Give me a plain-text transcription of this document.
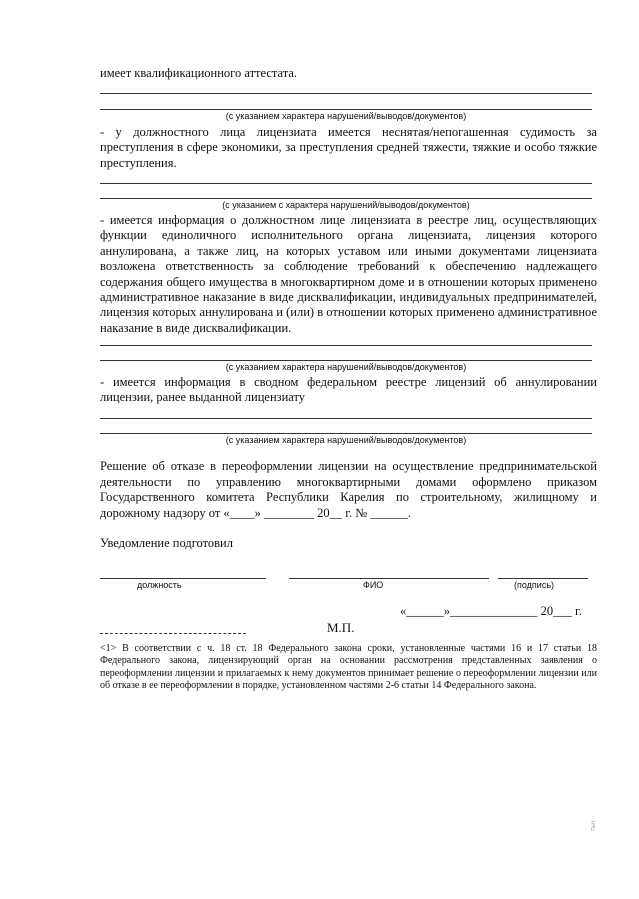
имеет квалификационного аттестата.

(с указанием характера нарушений/выводов/документов)

- у должностного лица лицензиата имеется неснятая/непогашенная судимость за преступления в сфере экономики, за преступления средней тяжести, тяжкие и особо тяжкие преступления.

(с указанием с характера нарушений/выводов/документов)

- имеется информация о должностном лице лицензиата в реестре лиц, осуществляющих функции единоличного исполнительного органа лицензиата, лицензия которого аннулирована, а также лиц, на которых уставом или иными документами лицензиата возложена ответственность за соблюдение требований к обеспечению надлежащего содержания общего имущества в многоквартирном доме и в отношении которых применено административное наказание в виде дисквалификации, индивидуальных предпринимателей, лицензия которых аннулирована и (или) в отношении которых применено административное наказание в виде дисквалификации.

(с указанием характера нарушений/выводов/документов)

- имеется информация в сводном федеральном реестре лицензий об аннулировании лицензии, ранее выданной лицензиату

(с указанием характера нарушений/выводов/документов)

Решение об отказе в переоформлении лицензии на осуществление предпринимательской деятельности по управлению многоквартирными домами оформлено приказом Государственного комитета Республики Карелия по строительному, жилищному и дорожному надзору от «____» ________ 20__ г. № ______.

Уведомление подготовил

должность	ФИО	(подпись)
«______»______________ 20___ г.
М.П.

<1> В соответствии с ч. 18 ст. 18 Федерального закона сроки, установленные частями 16 и 17 статьи 18 Федерального закона, лицензирующий орган на основании рассмотрения представленных заявления о переоформлении лицензии и прилагаемых к нему документов принимает решение о переоформлении лицензии или об отказе в ее переоформлении в порядке, установленном частями 2-6 статьи 14 Федерального закона.

ѯ
